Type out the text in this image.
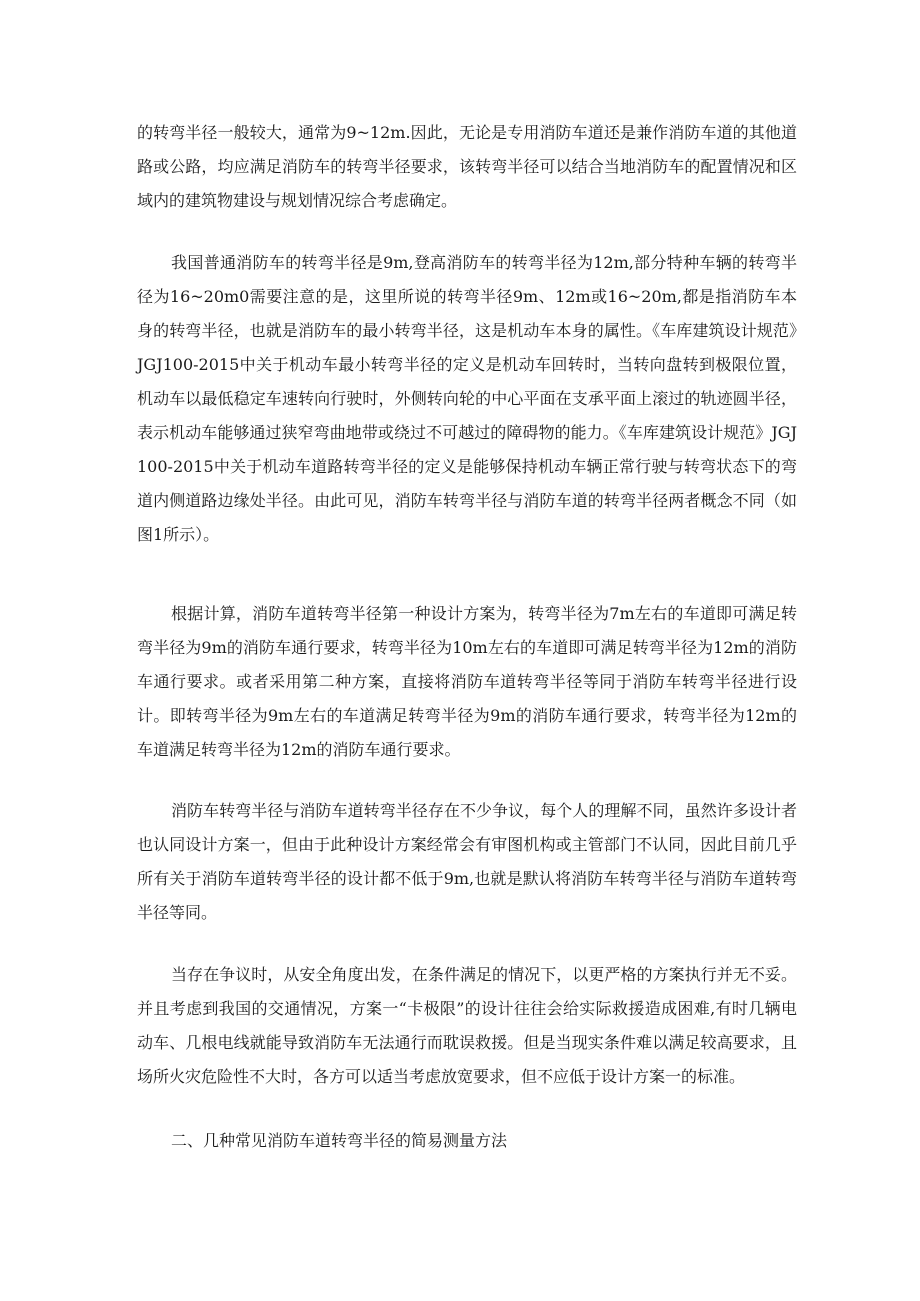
的转弯半径一般较大，通常为9~12m.因此，无论是专用消防车道还是兼作消防车道的其他道路或公路，均应满足消防车的转弯半径要求，该转弯半径可以结合当地消防车的配置情况和区域内的建筑物建设与规划情况综合考虑确定。

我国普通消防车的转弯半径是9m,登高消防车的转弯半径为12m,部分特种车辆的转弯半径为16~20m0需要注意的是，这里所说的转弯半径9m、12m或16~20m,都是指消防车本身的转弯半径，也就是消防车的最小转弯半径，这是机动车本身的属性。《车库建筑设计规范》JGJ100-2015中关于机动车最小转弯半径的定义是机动车回转时，当转向盘转到极限位置，机动车以最低稳定车速转向行驶时，外侧转向轮的中心平面在支承平面上滚过的轨迹圆半径，表示机动车能够通过狭窄弯曲地带或绕过不可越过的障碍物的能力。《车库建筑设计规范》JGJ100-2015中关于机动车道路转弯半径的定义是能够保持机动车辆正常行驶与转弯状态下的弯道内侧道路边缘处半径。由此可见，消防车转弯半径与消防车道的转弯半径两者概念不同（如图1所示）。

根据计算，消防车道转弯半径第一种设计方案为，转弯半径为7m左右的车道即可满足转弯半径为9m的消防车通行要求，转弯半径为10m左右的车道即可满足转弯半径为12m的消防车通行要求。或者采用第二种方案，直接将消防车道转弯半径等同于消防车转弯半径进行设计。即转弯半径为9m左右的车道满足转弯半径为9m的消防车通行要求，转弯半径为12m的车道满足转弯半径为12m的消防车通行要求。

消防车转弯半径与消防车道转弯半径存在不少争议，每个人的理解不同，虽然许多设计者也认同设计方案一，但由于此种设计方案经常会有审图机构或主管部门不认同，因此目前几乎所有关于消防车道转弯半径的设计都不低于9m,也就是默认将消防车转弯半径与消防车道转弯半径等同。

当存在争议时，从安全角度出发，在条件满足的情况下，以更严格的方案执行并无不妥。并且考虑到我国的交通情况，方案一“卡极限”的设计往往会给实际救援造成困难,有时几辆电动车、几根电线就能导致消防车无法通行而耽误救援。但是当现实条件难以满足较高要求，且场所火灾危险性不大时，各方可以适当考虑放宽要求，但不应低于设计方案一的标准。

二、几种常见消防车道转弯半径的简易测量方法
